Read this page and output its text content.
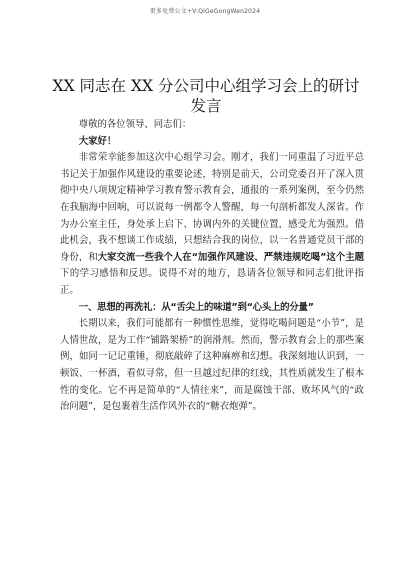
更多免费公文+V:QiGeGongWen2024
XX 同志在 XX 分公司中心组学习会上的研讨发言

尊敬的各位领导、同志们：

大家好！

非常荣幸能参加这次中心组学习会。刚才，我们一同重温了习近平总书记关于加强作风建设的重要论述，特别是前天，公司党委召开了深入贯彻中央八项规定精神学习教育警示教育会，通报的一系列案例，至今仍然在我脑海中回响，可以说每一例都令人警醒，每一句剖析都发人深省。作为办公室主任，身处承上启下、协调内外的关键位置，感受尤为强烈。借此机会，我不想谈工作成绩，只想结合我的岗位，以一名普通党员干部的身份，和大家交流一些我个人在“加强作风建设、严禁违规吃喝”这个主题下的学习感悟和反思。说得不对的地方，恳请各位领导和同志们批评指正。

一、思想的再洗礼：从“舌尖上的味道”到“心头上的分量”

长期以来，我们可能都有一种惯性思维，觉得吃喝问题是“小节”，是人情世故，是为工作“铺路架桥”的润滑剂。然而，警示教育会上的那些案例，如同一记记重锤，彻底敲碎了这种麻痹和幻想。我深刻地认识到，一顿饭、一杯酒，看似寻常，但一旦越过纪律的红线，其性质就发生了根本性的变化。它不再是简单的“人情往来”，而是腐蚀干部、败坏风气的“政治问题”，是包裹着生活作风外衣的“糖衣炮弹”。
